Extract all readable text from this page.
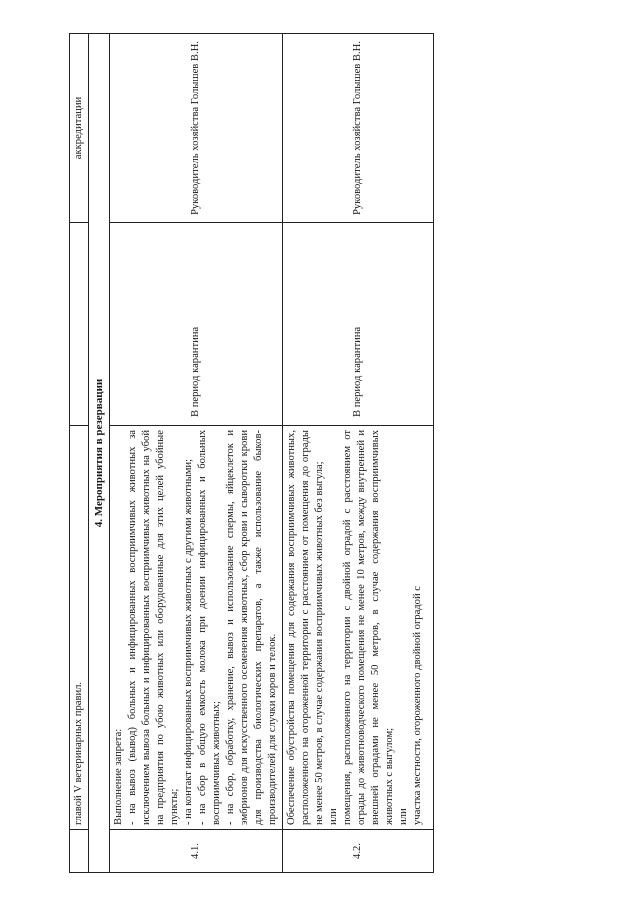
	главой V ветеринарных правил.		аккредитации
4. Мероприятия в резервации			
4.1.	Выполнение запрета: - на вывоз (вывод) больных и инфицированных восприимчивых животных за исключением вывоза больных и инфицированных восприимчивых животных на убой на предприятия по убою животных или оборудованные для этих целей убойные пункты; - на контакт инфицированных восприимчивых животных с другими животными; - на сбор в общую емкость молока при доении инфицированных и больных восприимчивых животных; - на сбор, обработку, хранение, вывоз и использование спермы, яйцеклеток и эмбрионов для искусственного осеменения животных, сбор крови и сыворотки крови для производства биологических препаратов, а также использование быков-производителей для случки коров и телок.	В период карантина	Руководитель хозяйства Голышев В.Н.
4.2.	Обеспечение обустройства помещения для содержания восприимчивых животных, расположенного на огороженной территории с расстоянием от помещения до ограды не менее 50 метров, в случае содержания восприимчивых животных без выгула; или помещения, расположенного на территории с двойной оградой с расстоянием от ограды до животноводческого помещения не менее 10 метров, между внутренней и внешней оградами не менее 50 метров, в случае содержания восприимчивых животных с выгулом; или участка местности, огороженного двойной оградой с	В период карантина	Руководитель хозяйства Голышев В.Н.
